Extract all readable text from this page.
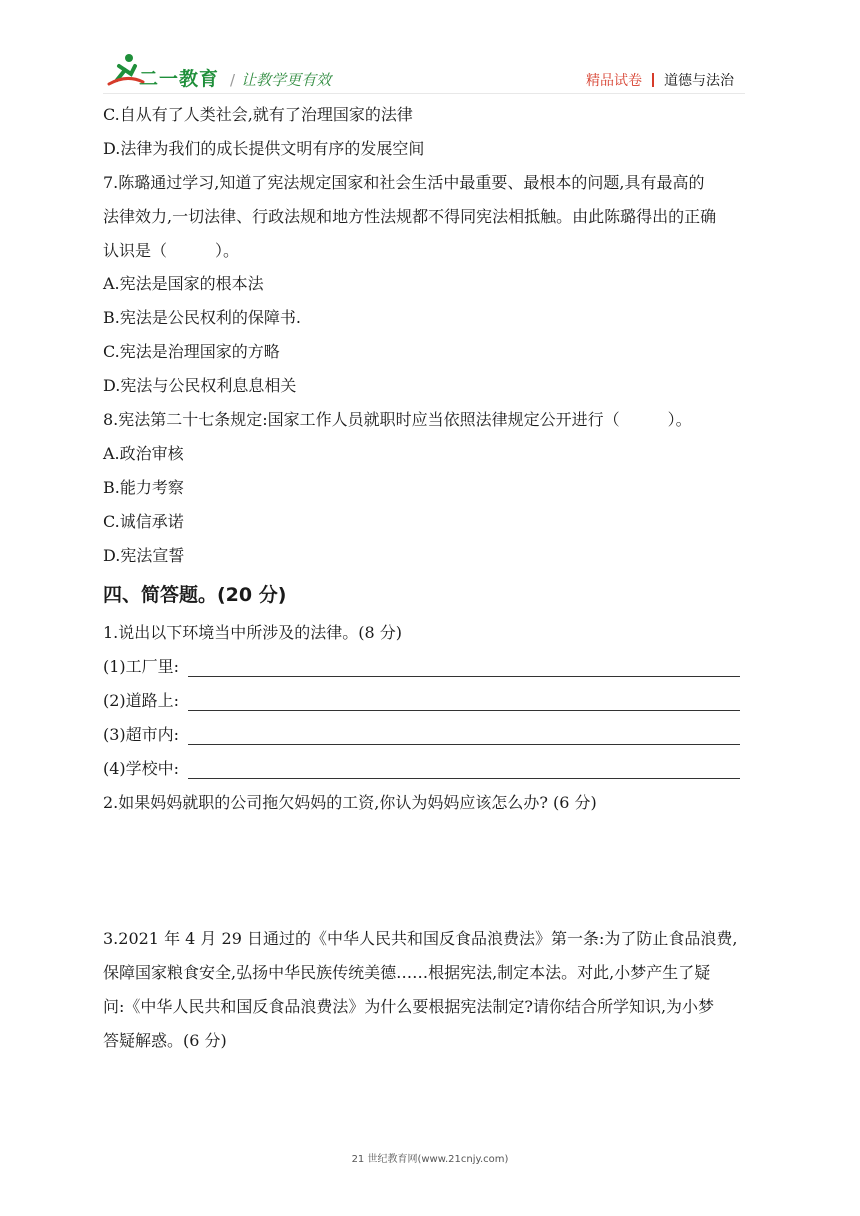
二一教育 / 让教学更有效	精品试卷 道德与法治
C.自从有了人类社会,就有了治理国家的法律
D.法律为我们的成长提供文明有序的发展空间
7.陈璐通过学习,知道了宪法规定国家和社会生活中最重要、最根本的问题,具有最高的
法律效力,一切法律、行政法规和地方性法规都不得同宪法相抵触。由此陈璐得出的正确
认识是（　　　）。
A.宪法是国家的根本法
B.宪法是公民权利的保障书.
C.宪法是治理国家的方略
D.宪法与公民权利息息相关
8.宪法第二十七条规定:国家工作人员就职时应当依照法律规定公开进行（　　　）。
A.政治审核
B.能力考察
C.诚信承诺
D.宪法宣誓
四、简答题。(20 分)
1.说出以下环境当中所涉及的法律。(8 分)
(1)工厂里:
(2)道路上:
(3)超市内:
(4)学校中:
2.如果妈妈就职的公司拖欠妈妈的工资,你认为妈妈应该怎么办? (6 分)
3.2021 年 4 月 29 日通过的《中华人民共和国反食品浪费法》第一条:为了防止食品浪费,
保障国家粮食安全,弘扬中华民族传统美德……根据宪法,制定本法。对此,小梦产生了疑
问:《中华人民共和国反食品浪费法》为什么要根据宪法制定?请你结合所学知识,为小梦
答疑解惑。(6 分)
21 世纪教育网(www.21cnjy.com)
